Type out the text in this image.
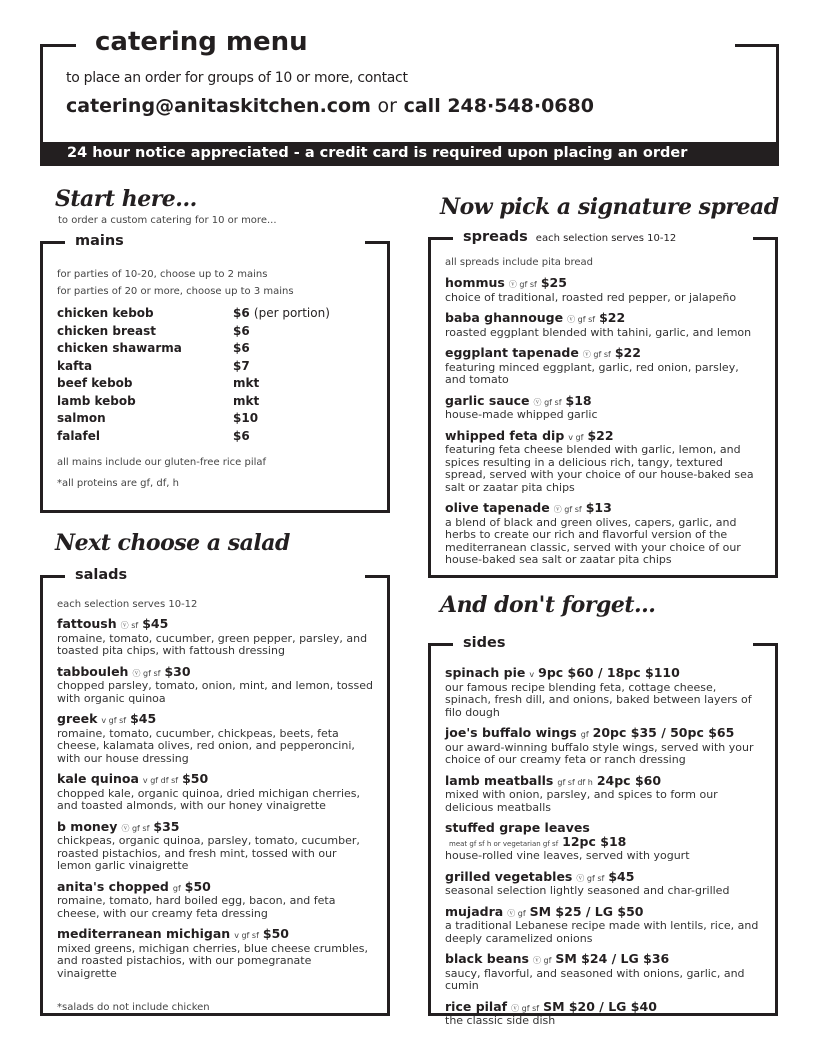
catering menu
to place an order for groups of 10 or more, contact
catering@anitaskitchen.com or call 248·548·0680
24 hour notice appreciated - a credit card is required upon placing an order
Start here...
to order a custom catering for 10 or more...
mains
for parties of 10-20, choose up to 2 mains
for parties of 20 or more, choose up to 3 mains
chicken kebob	$6 (per portion)
chicken breast	$6
chicken shawarma	$6
kafta	$7
beef kebob	mkt
lamb kebob	mkt
salmon	$10
falafel	$6
all mains include our gluten-free rice pilaf
*all proteins are gf, df, h
Next choose a salad
salads
each selection serves 10-12
fattoush ⓥ sf $45
romaine, tomato, cucumber, green pepper, parsley, and toasted pita chips, with fattoush dressing
tabbouleh ⓥ gf sf $30
chopped parsley, tomato, onion, mint, and lemon, tossed with organic quinoa
greek v gf sf $45
romaine, tomato, cucumber, chickpeas, beets, feta cheese, kalamata olives, red onion, and pepperoncini, with our house dressing
kale quinoa v gf df sf $50
chopped kale, organic quinoa, dried michigan cherries, and toasted almonds, with our honey vinaigrette
b money ⓥ gf sf $35
chickpeas, organic quinoa, parsley, tomato, cucumber, roasted pistachios, and fresh mint, tossed with our lemon garlic vinaigrette
anita's chopped gf $50
romaine, tomato, hard boiled egg, bacon, and feta cheese, with our creamy feta dressing
mediterranean michigan v gf sf $50
mixed greens, michigan cherries, blue cheese crumbles, and roasted pistachios, with our pomegranate vinaigrette
*salads do not include chicken
Now pick a signature spread
spreads each selection serves 10-12
all spreads include pita bread
hommus ⓥ gf sf $25
choice of traditional, roasted red pepper, or jalapeño
baba ghannouge ⓥ gf sf $22
roasted eggplant blended with tahini, garlic, and lemon
eggplant tapenade ⓥ gf sf $22
featuring minced eggplant, garlic, red onion, parsley, and tomato
garlic sauce ⓥ gf sf $18
house-made whipped garlic
whipped feta dip v gf $22
featuring feta cheese blended with garlic, lemon, and spices resulting in a delicious rich, tangy, textured spread, served with your choice of our house-baked sea salt or zaatar pita chips
olive tapenade ⓥ gf sf $13
a blend of black and green olives, capers, garlic, and herbs to create our rich and flavorful version of the mediterranean classic, served with your choice of our house-baked sea salt or zaatar pita chips
And don't forget...
sides
spinach pie v 9pc $60 / 18pc $110
our famous recipe blending feta, cottage cheese, spinach, fresh dill, and onions, baked between layers of filo dough
joe's buffalo wings gf 20pc $35 / 50pc $65
our award-winning buffalo style wings, served with your choice of our creamy feta or ranch dressing
lamb meatballs gf sf df h 24pc $60
mixed with onion, parsley, and spices to form our delicious meatballs
stuffed grape leaves
meat gf sf h or vegetarian gf sf 12pc $18
house-rolled vine leaves, served with yogurt
grilled vegetables ⓥ gf sf $45
seasonal selection lightly seasoned and char-grilled
mujadra ⓥ gf SM $25 / LG $50
a traditional Lebanese recipe made with lentils, rice, and deeply caramelized onions
black beans ⓥ gf SM $24 / LG $36
saucy, flavorful, and seasoned with onions, garlic, and cumin
rice pilaf ⓥ gf sf SM $20 / LG $40
the classic side dish
